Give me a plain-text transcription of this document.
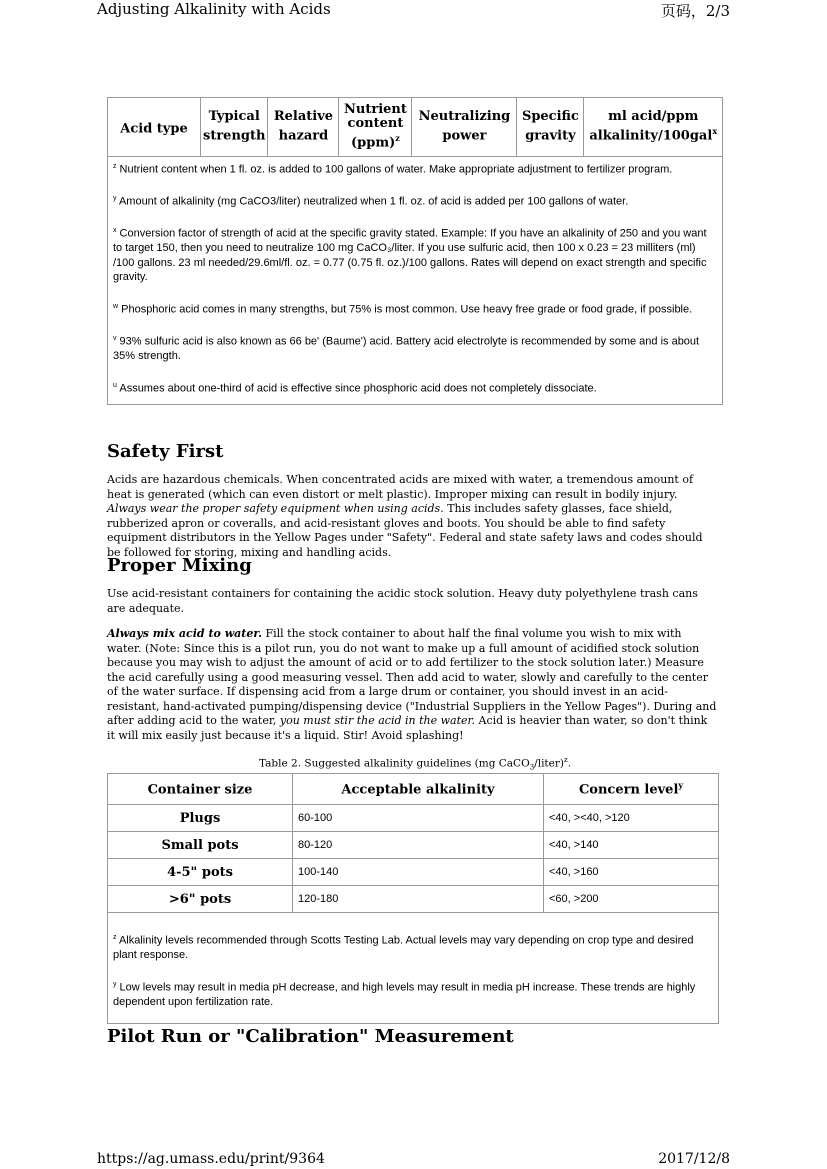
Adjusting Alkalinity with Acids	页码，2/3
Acid type	Typical strength	Relative hazard	Nutrient content (ppm)$^z$	Neutralizing power	Specific gravity	ml acid/ppm alkalinity/100gal$^x$

$^z$ Nutrient content when 1 fl. oz. is added to 100 gallons of water. Make appropriate adjustment to fertilizer program.

$^y$ Amount of alkalinity (mg CaCO3/liter) neutralized when 1 fl. oz. of acid is added per 100 gallons of water.

$^x$ Conversion factor of strength of acid at the specific gravity stated. Example: If you have an alkalinity of 250 and you want to target 150, then you need to neutralize 100 mg CaCO₃/liter. If you use sulfuric acid, then 100 x 0.23 = 23 milliters (ml) /100 gallons. 23 ml needed/29.6ml/fl. oz. = 0.77 (0.75 fl. oz.)/100 gallons. Rates will depend on exact strength and specific gravity.

$^w$ Phosphoric acid comes in many strengths, but 75% is most common. Use heavy free grade or food grade, if possible.

$^v$ 93% sulfuric acid is also known as 66 be' (Baume') acid. Battery acid electrolyte is recommended by some and is about 35% strength.

$^u$ Assumes about one-third of acid is effective since phosphoric acid does not completely dissociate.

Safety First

Acids are hazardous chemicals. When concentrated acids are mixed with water, a tremendous amount of heat is generated (which can even distort or melt plastic). Improper mixing can result in bodily injury. Always wear the proper safety equipment when using acids. This includes safety glasses, face shield, rubberized apron or coveralls, and acid-resistant gloves and boots. You should be able to find safety equipment distributors in the Yellow Pages under "Safety". Federal and state safety laws and codes should be followed for storing, mixing and handling acids.

Proper Mixing

Use acid-resistant containers for containing the acidic stock solution. Heavy duty polyethylene trash cans are adequate.

Always mix acid to water. Fill the stock container to about half the final volume you wish to mix with water. (Note: Since this is a pilot run, you do not want to make up a full amount of acidified stock solution because you may wish to adjust the amount of acid or to add fertilizer to the stock solution later.) Measure the acid carefully using a good measuring vessel. Then add acid to water, slowly and carefully to the center of the water surface. If dispensing acid from a large drum or container, you should invest in an acid-resistant, hand-activated pumping/dispensing device ("Industrial Suppliers in the Yellow Pages"). During and after adding acid to the water, you must stir the acid in the water. Acid is heavier than water, so don't think it will mix easily just because it's a liquid. Stir! Avoid splashing!

Table 2. Suggested alkalinity guidelines (mg CaCO$_3$/liter)$^z$.
Container size	Acceptable alkalinity	Concern level$^y$
Plugs	60-100	<40, ><40, >120
Small pots	80-120	<40, >140
4-5" pots	100-140	<40, >160
>6" pots	120-180	<60, >200

$^z$ Alkalinity levels recommended through Scotts Testing Lab. Actual levels may vary depending on crop type and desired plant response.
$^y$ Low levels may result in media pH decrease, and high levels may result in media pH increase. These trends are highly dependent upon fertilization rate.		
Pilot Run or "Calibration" Measurement
https://ag.umass.edu/print/9364	2017/12/8
